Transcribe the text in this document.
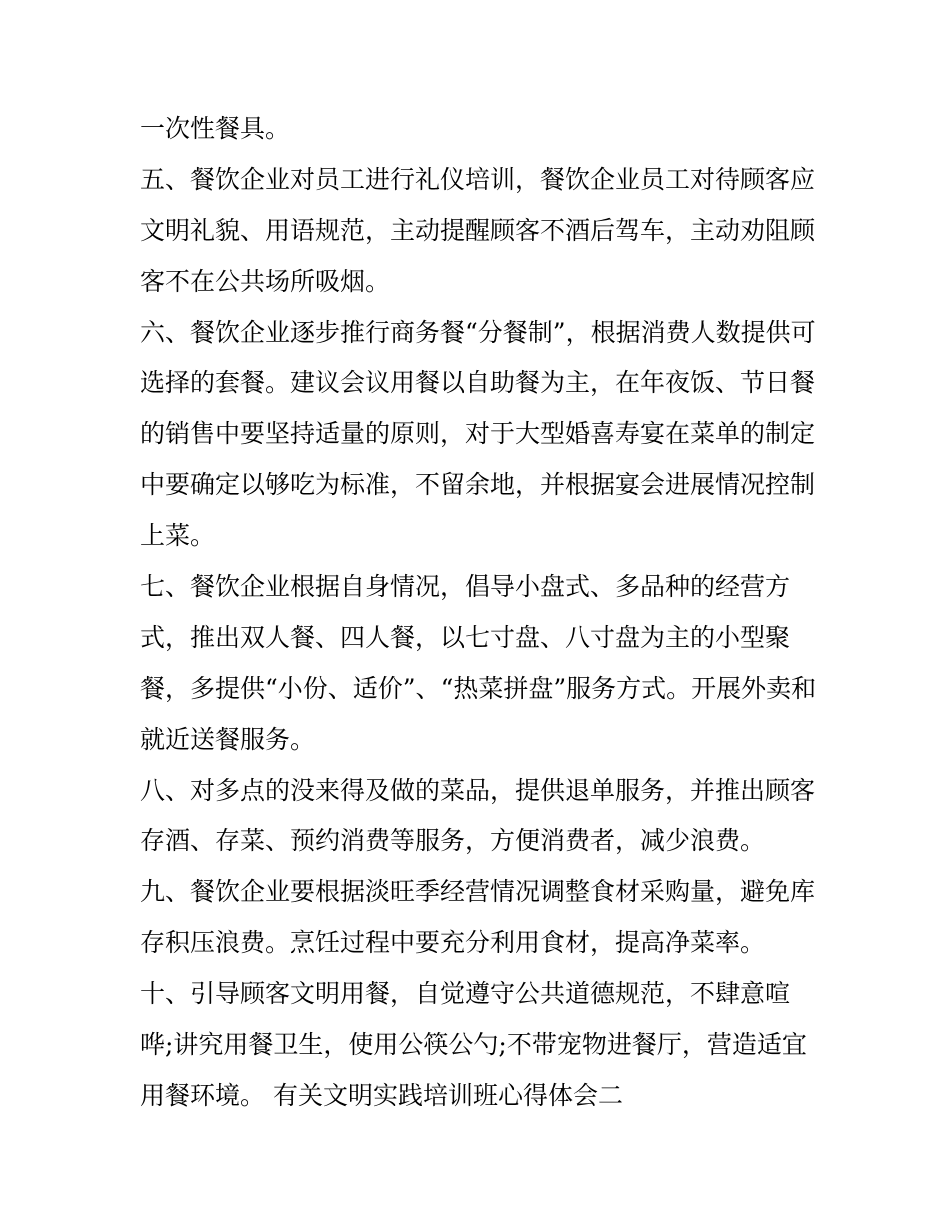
一次性餐具。
五、餐饮企业对员工进行礼仪培训，餐饮企业员工对待顾客应
文明礼貌、用语规范，主动提醒顾客不酒后驾车，主动劝阻顾
客不在公共场所吸烟。
六、餐饮企业逐步推行商务餐“分餐制”，根据消费人数提供可
选择的套餐。建议会议用餐以自助餐为主，在年夜饭、节日餐
的销售中要坚持适量的原则，对于大型婚喜寿宴在菜单的制定
中要确定以够吃为标准，不留余地，并根据宴会进展情况控制
上菜。
七、餐饮企业根据自身情况，倡导小盘式、多品种的经营方
式，推出双人餐、四人餐，以七寸盘、八寸盘为主的小型聚
餐，多提供“小份、适价”、“热菜拼盘”服务方式。开展外卖和
就近送餐服务。
八、对多点的没来得及做的菜品，提供退单服务，并推出顾客
存酒、存菜、预约消费等服务，方便消费者，减少浪费。
九、餐饮企业要根据淡旺季经营情况调整食材采购量，避免库
存积压浪费。烹饪过程中要充分利用食材，提高净菜率。
十、引导顾客文明用餐，自觉遵守公共道德规范，不肆意喧
哗;讲究用餐卫生，使用公筷公勺;不带宠物进餐厅，营造适宜
用餐环境。 有关文明实践培训班心得体会二
